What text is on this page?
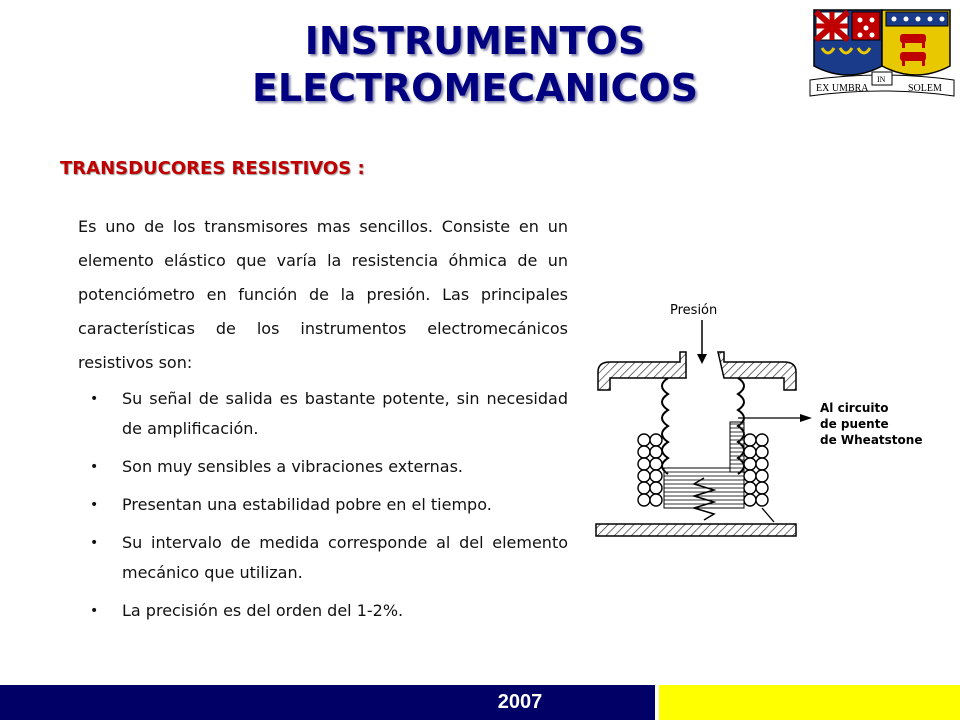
INSTRUMENTOS
ELECTROMECANICOS	EX UMBRA
IN
SOLEM
TRANSDUCORES RESISTIVOS :
Es uno de los transmisores mas sencillos. Consiste en un elemento elástico que varía la resistencia óhmica de un potenciómetro en función de la presión. Las principales características de los instrumentos electromecánicos resistivos son:
• Su señal de salida es bastante potente, sin necesidad de amplificación.
• Son muy sensibles a vibraciones externas.
• Presentan una estabilidad pobre en el tiempo.
• Su intervalo de medida corresponde al del elemento mecánico que utilizan.
• La precisión es del orden del 1-2%.
Presión
Al circuito
de puente
de Wheatstone
2007
